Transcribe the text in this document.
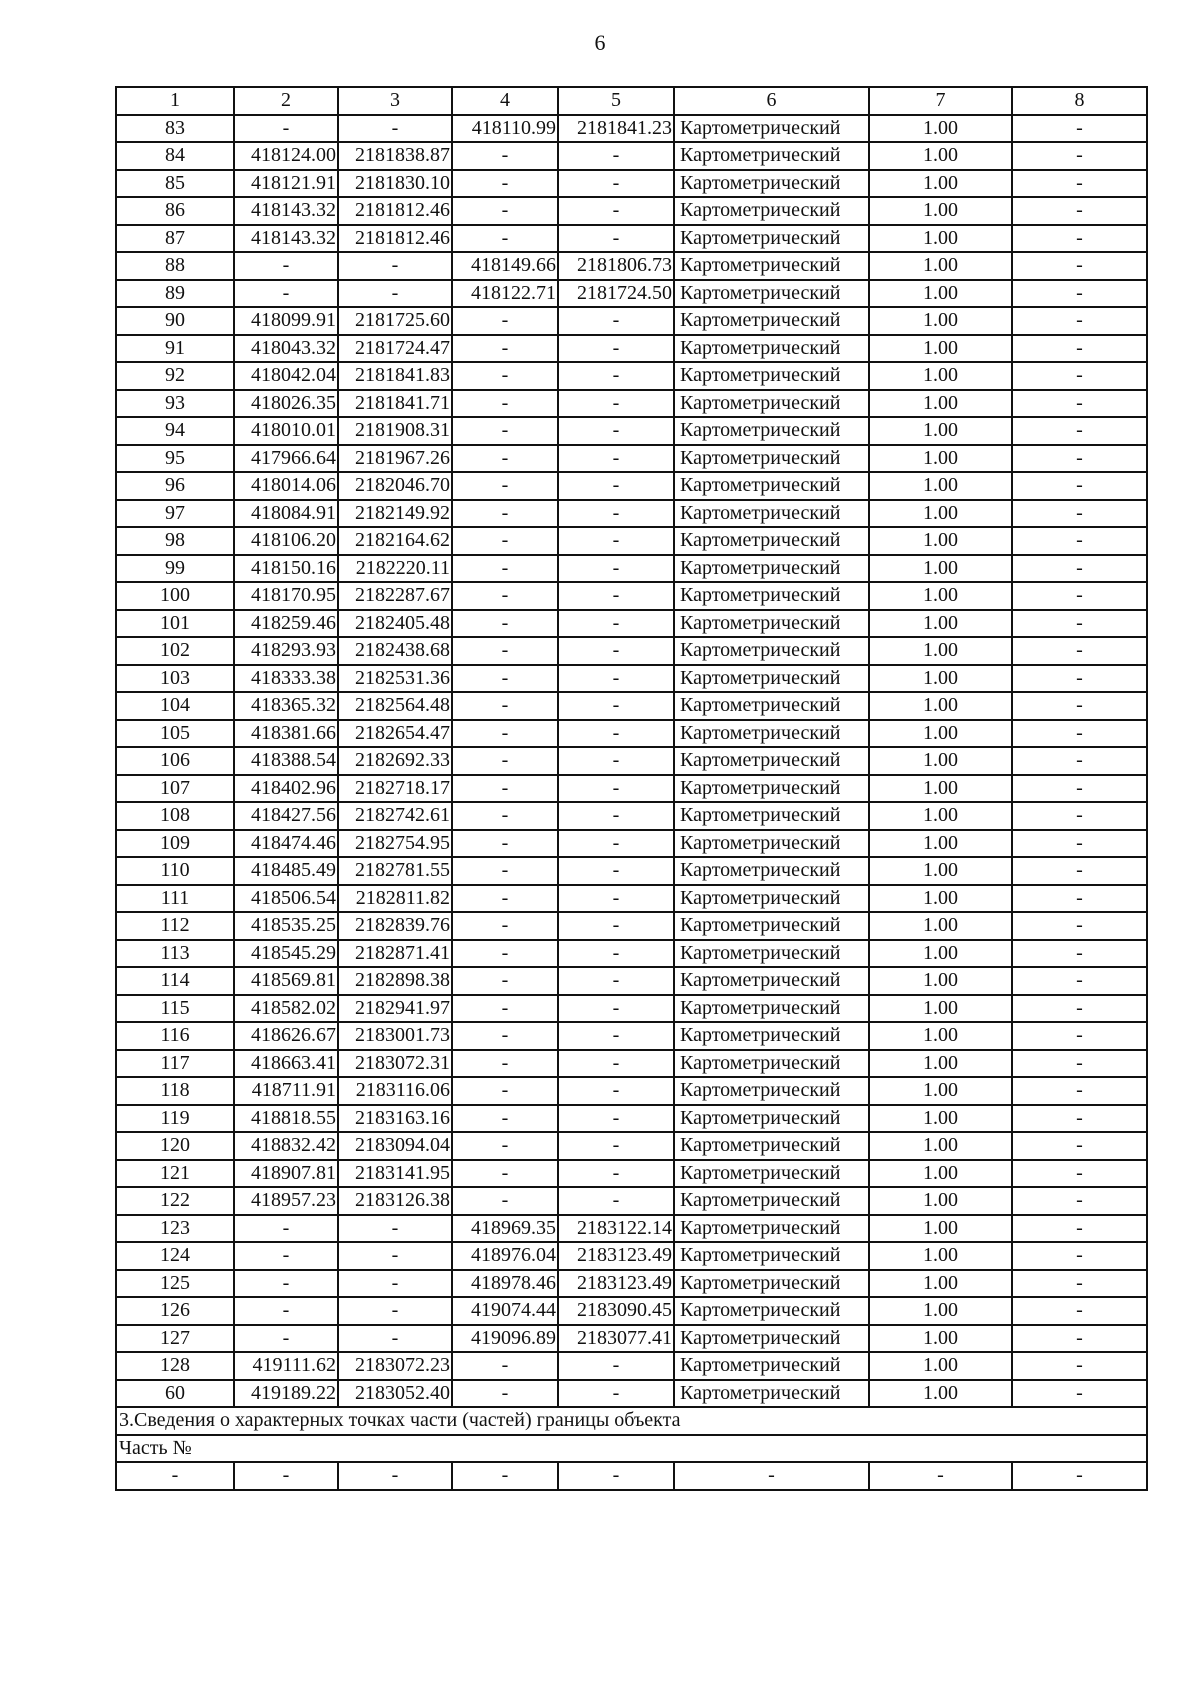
6
1	2	3	4	5	6	7	8
83	-	-	418110.99	2181841.23	Картометрический	1.00	-
84	418124.00	2181838.87	-	-	Картометрический	1.00	-
85	418121.91	2181830.10	-	-	Картометрический	1.00	-
86	418143.32	2181812.46	-	-	Картометрический	1.00	-
87	418143.32	2181812.46	-	-	Картометрический	1.00	-
88	-	-	418149.66	2181806.73	Картометрический	1.00	-
89	-	-	418122.71	2181724.50	Картометрический	1.00	-
90	418099.91	2181725.60	-	-	Картометрический	1.00	-
91	418043.32	2181724.47	-	-	Картометрический	1.00	-
92	418042.04	2181841.83	-	-	Картометрический	1.00	-
93	418026.35	2181841.71	-	-	Картометрический	1.00	-
94	418010.01	2181908.31	-	-	Картометрический	1.00	-
95	417966.64	2181967.26	-	-	Картометрический	1.00	-
96	418014.06	2182046.70	-	-	Картометрический	1.00	-
97	418084.91	2182149.92	-	-	Картометрический	1.00	-
98	418106.20	2182164.62	-	-	Картометрический	1.00	-
99	418150.16	2182220.11	-	-	Картометрический	1.00	-
100	418170.95	2182287.67	-	-	Картометрический	1.00	-
101	418259.46	2182405.48	-	-	Картометрический	1.00	-
102	418293.93	2182438.68	-	-	Картометрический	1.00	-
103	418333.38	2182531.36	-	-	Картометрический	1.00	-
104	418365.32	2182564.48	-	-	Картометрический	1.00	-
105	418381.66	2182654.47	-	-	Картометрический	1.00	-
106	418388.54	2182692.33	-	-	Картометрический	1.00	-
107	418402.96	2182718.17	-	-	Картометрический	1.00	-
108	418427.56	2182742.61	-	-	Картометрический	1.00	-
109	418474.46	2182754.95	-	-	Картометрический	1.00	-
110	418485.49	2182781.55	-	-	Картометрический	1.00	-
111	418506.54	2182811.82	-	-	Картометрический	1.00	-
112	418535.25	2182839.76	-	-	Картометрический	1.00	-
113	418545.29	2182871.41	-	-	Картометрический	1.00	-
114	418569.81	2182898.38	-	-	Картометрический	1.00	-
115	418582.02	2182941.97	-	-	Картометрический	1.00	-
116	418626.67	2183001.73	-	-	Картометрический	1.00	-
117	418663.41	2183072.31	-	-	Картометрический	1.00	-
118	418711.91	2183116.06	-	-	Картометрический	1.00	-
119	418818.55	2183163.16	-	-	Картометрический	1.00	-
120	418832.42	2183094.04	-	-	Картометрический	1.00	-
121	418907.81	2183141.95	-	-	Картометрический	1.00	-
122	418957.23	2183126.38	-	-	Картометрический	1.00	-
123	-	-	418969.35	2183122.14	Картометрический	1.00	-
124	-	-	418976.04	2183123.49	Картометрический	1.00	-
125	-	-	418978.46	2183123.49	Картометрический	1.00	-
126	-	-	419074.44	2183090.45	Картометрический	1.00	-
127	-	-	419096.89	2183077.41	Картометрический	1.00	-
128	419111.62	2183072.23	-	-	Картометрический	1.00	-
60	419189.22	2183052.40	-	-	Картометрический	1.00	-
3.Сведения о характерных точках части (частей) границы объекта							
Часть №							
-	-	-	-	-	-	-	-
